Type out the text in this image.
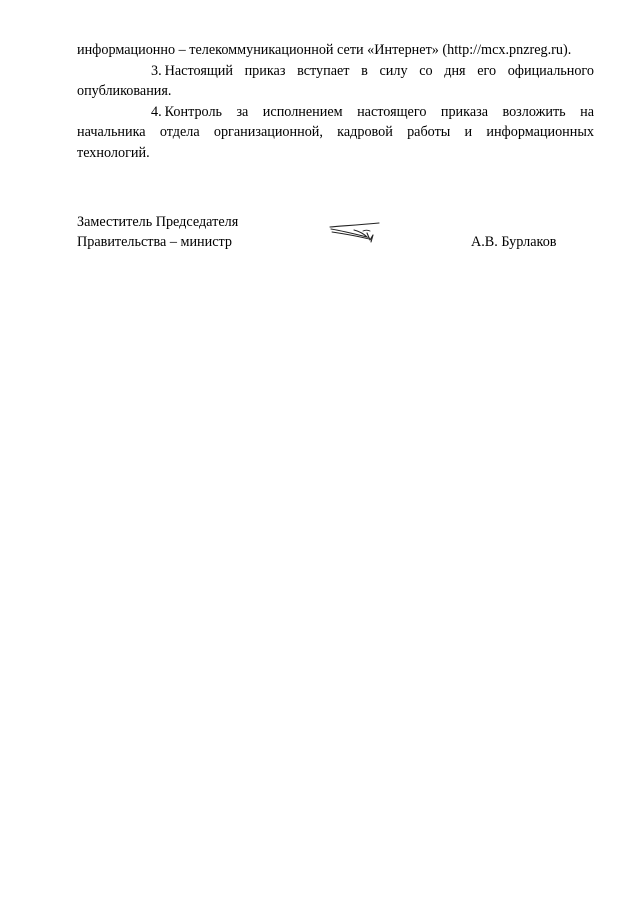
информационно – телекоммуникационной сети «Интернет» (http://mcx.pnzreg.ru).

3. Настоящий приказ вступает в силу со дня его официального опубликования.

4. Контроль за исполнением настоящего приказа возложить на начальника отдела организационной, кадровой работы и информационных технологий.

Заместитель Председателя
Правительства – министр	А.В. Бурлаков
